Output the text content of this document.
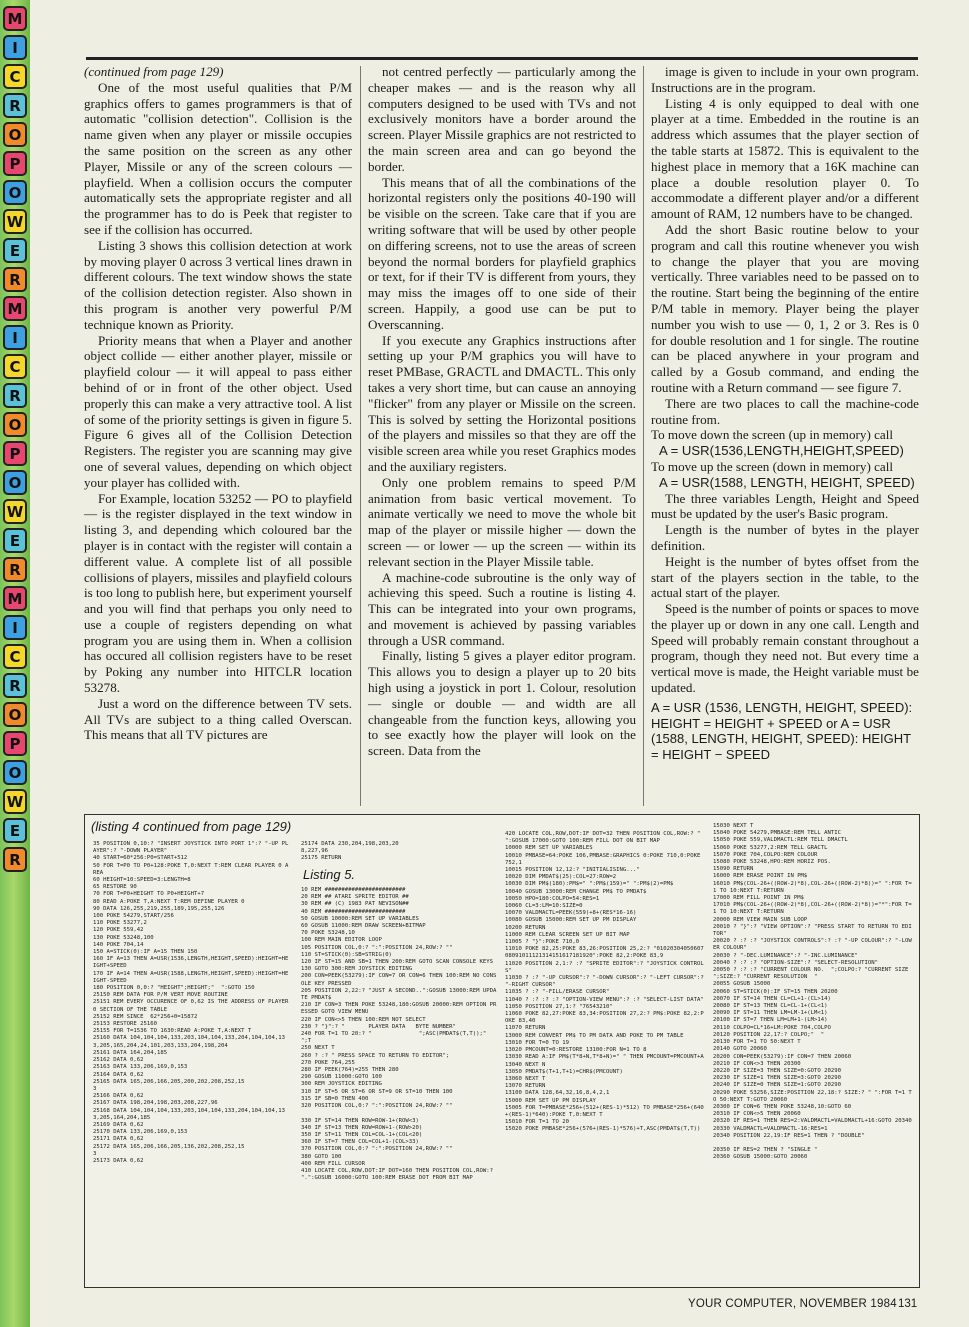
M
I
C
R
O
P
O
W
E
R
M
I
C
R
O
P
O
W
E
R
M
I
C
R
O
P
O
W
E
R

(continued from page 129)

One of the most useful qualities that P/M graphics offers to games programmers is that of automatic "collision detection". Collision is the name given when any player or missile occupies the same position on the screen as any other Player, Missile or any of the screen colours — playfield. When a collision occurs the computer automatically sets the appropriate register and all the programmer has to do is Peek that register to see if the collision has occurred.

Listing 3 shows this collision detection at work by moving player 0 across 3 vertical lines drawn in different colours. The text window shows the state of the collision detection register. Also shown in this program is another very powerful P/M technique known as Priority.

Priority means that when a Player and another object collide — either another player, missile or playfield colour — it will appeal to pass either behind of or in front of the other object. Used properly this can make a very attractive tool. A list of some of the priority settings is given in figure 5. Figure 6 gives all of the Collision Detection Registers. The register you are scanning may give one of several values, depending on which object your player has collided with.

For Example, location 53252 — PO to playfield — is the register displayed in the text window in listing 3, and depending which coloured bar the player is in contact with the register will contain a different value. A complete list of all possible collisions of players, missiles and playfield colours is too long to publish here, but experiment yourself and you will find that perhaps you only need to use a couple of registers depending on what program you are using them in. When a collision has occured all collision registers have to be reset by Poking any number into HITCLR location 53278.

Just a word on the difference between TV sets. All TVs are subject to a thing called Overscan. This means that all TV pictures are

not centred perfectly — particularly among the cheaper makes — and is the reason why all computers designed to be used with TVs and not exclusively monitors have a border around the screen. Player Missile graphics are not restricted to the main screen area and can go beyond the border.

This means that of all the combinations of the horizontal registers only the positions 40-190 will be visible on the screen. Take care that if you are writing software that will be used by other people on differing screens, not to use the areas of screen beyond the normal borders for playfield graphics or text, for if their TV is different from yours, they may miss the images off to one side of their screen. Happily, a good use can be put to Overscanning.

If you execute any Graphics instructions after setting up your P/M graphics you will have to reset PMBase, GRACTL and DMACTL. This only takes a very short time, but can cause an annoying "flicker" from any player or Missile on the screen. This is solved by setting the Horizontal positions of the players and missiles so that they are off the visible screen area while you reset Graphics modes and the auxiliary registers.

Only one problem remains to speed P/M animation from basic vertical movement. To animate vertically we need to move the whole bit map of the player or missile higher — down the screen — or lower — up the screen — within its relevant section in the Player Missile table.

A machine-code subroutine is the only way of achieving this speed. Such a routine is listing 4. This can be integrated into your own programs, and movement is achieved by passing variables through a USR command.

Finally, listing 5 gives a player editor program. This allows you to design a player up to 20 bits high using a joystick in port 1. Colour, resolution — single or double — and width are all changeable from the function keys, allowing you to see exactly how the player will look on the screen. Data from the

image is given to include in your own program. Instructions are in the program.

Listing 4 is only equipped to deal with one player at a time. Embedded in the routine is an address which assumes that the player section of the table starts at 15872. This is equivalent to the highest place in memory that a 16K machine can place a double resolution player 0. To accommodate a different player and/or a different amount of RAM, 12 numbers have to be changed.

Add the short Basic routine below to your program and call this routine whenever you wish to change the player that you are moving vertically. Three variables need to be passed on to the routine. Start being the beginning of the entire P/M table in memory. Player being the player number you wish to use — 0, 1, 2 or 3. Res is 0 for double resolution and 1 for single. The routine can be placed anywhere in your program and called by a Gosub command, and ending the routine with a Return command — see figure 7.

There are two places to call the machine-code routine from.

To move down the screen (up in memory) call

A = USR(1536,LENGTH,HEIGHT,SPEED)

To move up the screen (down in memory) call

A = USR(1588, LENGTH, HEIGHT, SPEED)

The three variables Length, Height and Speed must be updated by the user's Basic program.

Length is the number of bytes in the player definition.

Height is the number of bytes offset from the start of the players section in the table, to the actual start of the player.

Speed is the number of points or spaces to move the player up or down in any one call. Length and Speed will probably remain constant throughout a program, though they need not. But every time a vertical move is made, the Height variable must be updated.

A = USR (1536, LENGTH, HEIGHT, SPEED): HEIGHT = HEIGHT + SPEED or A = USR (1588, LENGTH, HEIGHT, SPEED): HEIGHT = HEIGHT − SPEED

(listing 4 continued from page 129)
35 POSITION 0,10:? "INSERT JOYSTICK INTO PORT 1":? "-UP PLAYER":? "-DOWN PLAYER"
40 START=60*256:P0=START+512
50 FOR T=P0 TO P0+128:POKE T,0:NEXT T:REM CLEAR PLAYER 0 AREA
60 HEIGHT=10:SPEED=3:LENGTH=8
65 RESTORE 90
70 FOR T=P0+HEIGHT TO P0+HEIGHT+7
80 READ A:POKE T,A:NEXT T:REM DEFINE PLAYER 0
90 DATA 126,255,219,255,189,195,255,126
100 POKE 54279,START/256
110 POKE 53277,2
120 POKE 559,42
130 POKE 53248,100
140 POKE 704,14
150 A=STICK(0):IF A=15 THEN 150
160 IF A=13 THEN A=USR(1536,LENGTH,HEIGHT,SPEED):HEIGHT=HEIGHT+SPEED
170 IF A=14 THEN A=USR(1588,LENGTH,HEIGHT,SPEED):HEIGHT=HEIGHT-SPEED
180 POSITION 0,0:? "HEIGHT";HEIGHT;"  ":GOTO 150
25150 REM DATA FOR P/M VERT MOVE ROUTINE
25151 REM EVERY OCCURENCE OF 0,62 IS THE ADDRESS OF PLAYER 0 SECTION OF THE TABLE
25152 REM SINCE  62*256+0=15872
25153 RESTORE 25160
25155 FOR T=1536 TO 1630:READ A:POKE T,A:NEXT T
25160 DATA 104,104,104,133,203,104,104,133,204,104,104,133,205,165,204,24,101,203,133,204,198,204
25161 DATA 164,204,185
25162 DATA 0,62
25163 DATA 133,206,169,0,153
25164 DATA 0,62
25165 DATA 165,206,166,205,200,202,208,252,15
3
25166 DATA 0,62
25167 DATA 198,204,198,203,208,227,96
25168 DATA 104,104,104,133,203,104,104,133,204,104,104,133,205,164,204,185
25169 DATA 0,62
25170 DATA 133,206,169,0,153
25171 DATA 0,62
25172 DATA 165,206,166,205,136,202,208,252,15
3
25173 DATA 0,62
25174 DATA 230,204,198,203,208,227,96
25175 RETURN
Listing 5.
10 REM ########################
20 REM ## ATARI SPRITE EDITOR ##
30 REM ## (C) 1983 PAT NEVISON##
40 REM ########################
50 GOSUB 10000:REM SET UP VARIABLES
60 GOSUB 11000:REM DRAW SCREEN+BITMAP
70 POKE 53248,10
100 REM MAIN EDITOR LOOP
105 POSITION COL,0:? ":":POSITION 24,ROW:? ""
110 ST=STICK(0):SB=STRIG(0)
120 IF ST=15 AND SB=1 THEN 200:REM GOTO SCAN CONSOLE KEYS
130 GOTO 300:REM JOYSTICK EDITING
200 CON=PEEK(53279):IF CON=7 OR CON=6 THEN 100:REM NO CONSOLE KEY PRESSED
205 POSITION 2,22:? "JUST A SECOND..":GOSUB 13000:REM UPDATE PMDAT$
210 IF CON=3 THEN POKE 53248,180:GOSUB 20000:REM OPTION PRESSED GOTO VIEW MENU
220 IF CON<>5 THEN 100:REM NOT SELECT
230 ? "}":? "       PLAYER DATA   BYTE NUMBER"
240 FOR T=1 TO 20:? "              ";ASC(PMDAT$(T,T));"      ";T
250 NEXT T
260 ? :? " PRESS SPACE TO RETURN TO EDITOR";
270 POKE 764,255
280 IF PEEK(764)=255 THEN 280
290 GOSUB 11000:GOTO 100
300 REM JOYSTICK EDITING
310 IF ST=5 OR ST=6 OR ST=9 OR ST=10 THEN 100
315 IF SB=0 THEN 400
320 POSITION COL,0:? ":":POSITION 24,ROW:? ""

330 IF ST=14 THEN ROW=ROW-1+(ROW<3)
340 IF ST=13 THEN ROW=ROW+1-(ROW>20)
350 IF ST=11 THEN COL=COL-1+(COL<20)
360 IF ST=7 THEN COL=COL+1-(COL>33)
370 POSITION COL,0:? ":":POSITION 24,ROW:? ""
380 GOTO 100
400 REM FILL CURSOR
410 LOCATE COL,ROW,DOT:IF DOT=160 THEN POSITION COL,ROW:? ".":GOSUB 16000:GOTO 100:REM ERASE DOT FROM BIT MAP
420 LOCATE COL,ROW,DOT:IF DOT=32 THEN POSITION COL,ROW:? " ":GOSUB 17000:GOTO 100:REM FILL DOT ON BIT MAP
10000 REM SET UP VARIABLES
10010 PMBASE=64:POKE 106,PMBASE:GRAPHICS 0:POKE 710,0:POKE 752,1
10015 POSITION 12,12:? "INITIALISING..."
10020 DIM PMDAT$(25):COL=27:ROW=2
10030 DIM PM$(180):PM$=" ":PM$(159)=" ":PM$(2)=PM$
10040 GOSUB 13000:REM CHANGE PM$ TO PMDAT$
10050 HPO=180:COLPO=54:RES=1
10060 CL=3:LM=10:SIZE=0
10070 VALDMACTL=PEEK(559)+8+(RES*16-16)
10080 GOSUB 15000:REM SET UP PM DISPLAY
10200 RETURN
11000 REM CLEAR SCREEN SET UP BIT MAP
11005 ? "}":POKE 710,0
11010 POKE 82,25:POKE 83,26:POSITION 25,2:? "0102030405060708091011121314151617181920":POKE 82,2:POKE 83,9
11020 POSITION 2,1:? :? "SPRITE EDITOR":? "JOYSTICK CONTROLS"
11030 ? :? "-UP CURSOR":? "-DOWN CURSOR":? "-LEFT CURSOR":? "-RIGHT CURSOR"
11035 ? :? "-FILL/ERASE CURSOR"
11040 ? :? :? :? "OPTION-VIEW MENU":? :? "SELECT-LIST DATA"
11050 POSITION 27,1:? "76543210"
11060 POKE 82,27:POKE 83,34:POSITION 27,2:? PM$:POKE 82,2:POKE 83,40
11070 RETURN
13000 REM CONVERT PM$ TO PM DATA AND POKE TO PM TABLE
13010 FOR T=0 TO 19
13020 PMCOUNT=0:RESTORE 13100:FOR N=1 TO 8
13030 READ A:IF PM$(T*8+N,T*8+N)=" " THEN PMCOUNT=PMCOUNT+A
13040 NEXT N
13050 PMDAT$(T+1,T+1)=CHR$(PMCOUNT)
13060 NEXT T
13070 RETURN
13100 DATA 128,64,32,16,8,4,2,1
15000 REM SET UP PM DISPLAY
15005 FOR T=PMBASE*256+(512+(RES-1)*512) TO PMBASE*256+(640+(RES-1)*640):POKE T,0:NEXT T
15010 FOR T=1 TO 20
15020 POKE PMBASE*256+(576+(RES-1)*576)+T,ASC(PMDAT$(T,T))
15030 NEXT T
15040 POKE 54279,PMBASE:REM TELL ANTIC
15050 POKE 559,VALDMACTL:REM TELL DMACTL
15060 POKE 53277,2:REM TELL GRACTL
15070 POKE 704,COLPO:REM COLOUR
15080 POKE 53248,HPO:REM HORIZ POS.
15090 RETURN
16000 REM ERASE POINT IN PM$
16010 PM$(COL-26+((ROW-2)*8),COL-26+((ROW-2)*8))=" ":FOR T=1 TO 10:NEXT T:RETURN
17000 REM FILL POINT IN PM$
17010 PM$(COL-26+((ROW-2)*8),COL-26+((ROW-2)*8))="*":FOR T=1 TO 10:NEXT T:RETURN
20000 REM VIEW MAIN SUB LOOP
20010 ? "}":? "VIEW OPTION":? "PRESS START TO RETURN TO EDITOR"
20020 ? :? :? "JOYSTICK CONTROLS":? :? "-UP COLOUR":? "-LOWER COLOUR"
20030 ? "-DEC.LUMINANCE":? "-INC.LUMINANCE"
20040 ? :? :? "OPTION-SIZE":? "SELECT-RESOLUTION"
20050 ? :? :? "CURRENT COLOUR NO.  ";COLPO:? "CURRENT SIZE           ";SIZE:? "CURRENT RESOLUTION  "
20055 GOSUB 15000
20060 ST=STICK(0):IF ST=15 THEN 20200
20070 IF ST=14 THEN CL=CL+1-(CL>14)
20080 IF ST=13 THEN CL=CL-1+(CL<1)
20090 IF ST=11 THEN LM=LM-1+(LM<1)
20100 IF ST=7 THEN LM=LM+1-(LM>14)
20110 COLPO=CL*16+LM:POKE 704,COLPO
20120 POSITION 22,17:? COLPO;"  "
20130 FOR T=1 TO 50:NEXT T
20140 GOTO 20060
20200 CON=PEEK(53279):IF CON=7 THEN 20060
20210 IF CON<>3 THEN 20300
20220 IF SIZE=3 THEN SIZE=0:GOTO 20290
20230 IF SIZE=1 THEN SIZE=3:GOTO 20290
20240 IF SIZE=0 THEN SIZE=1:GOTO 20290
20290 POKE 53256,SIZE:POSITION 22,18:? SIZE:? " ":FOR T=1 TO 50:NEXT T:GOTO 20060
20300 IF CON=6 THEN POKE 53248,10:GOTO 60
20310 IF CON<>5 THEN 20060
20320 IF RES=1 THEN RES=2:VALDMACTL=VALDMACTL+16:GOTO 20340
20330 VALDMACTL=VALDMACTL-16:RES=1
20340 POSITION 22,19:IF RES=1 THEN ? "DOUBLE"

20350 IF RES=2 THEN ? "SINGLE "
20360 GOSUB 15000:GOTO 20060
YOUR COMPUTER, NOVEMBER 1984 131
